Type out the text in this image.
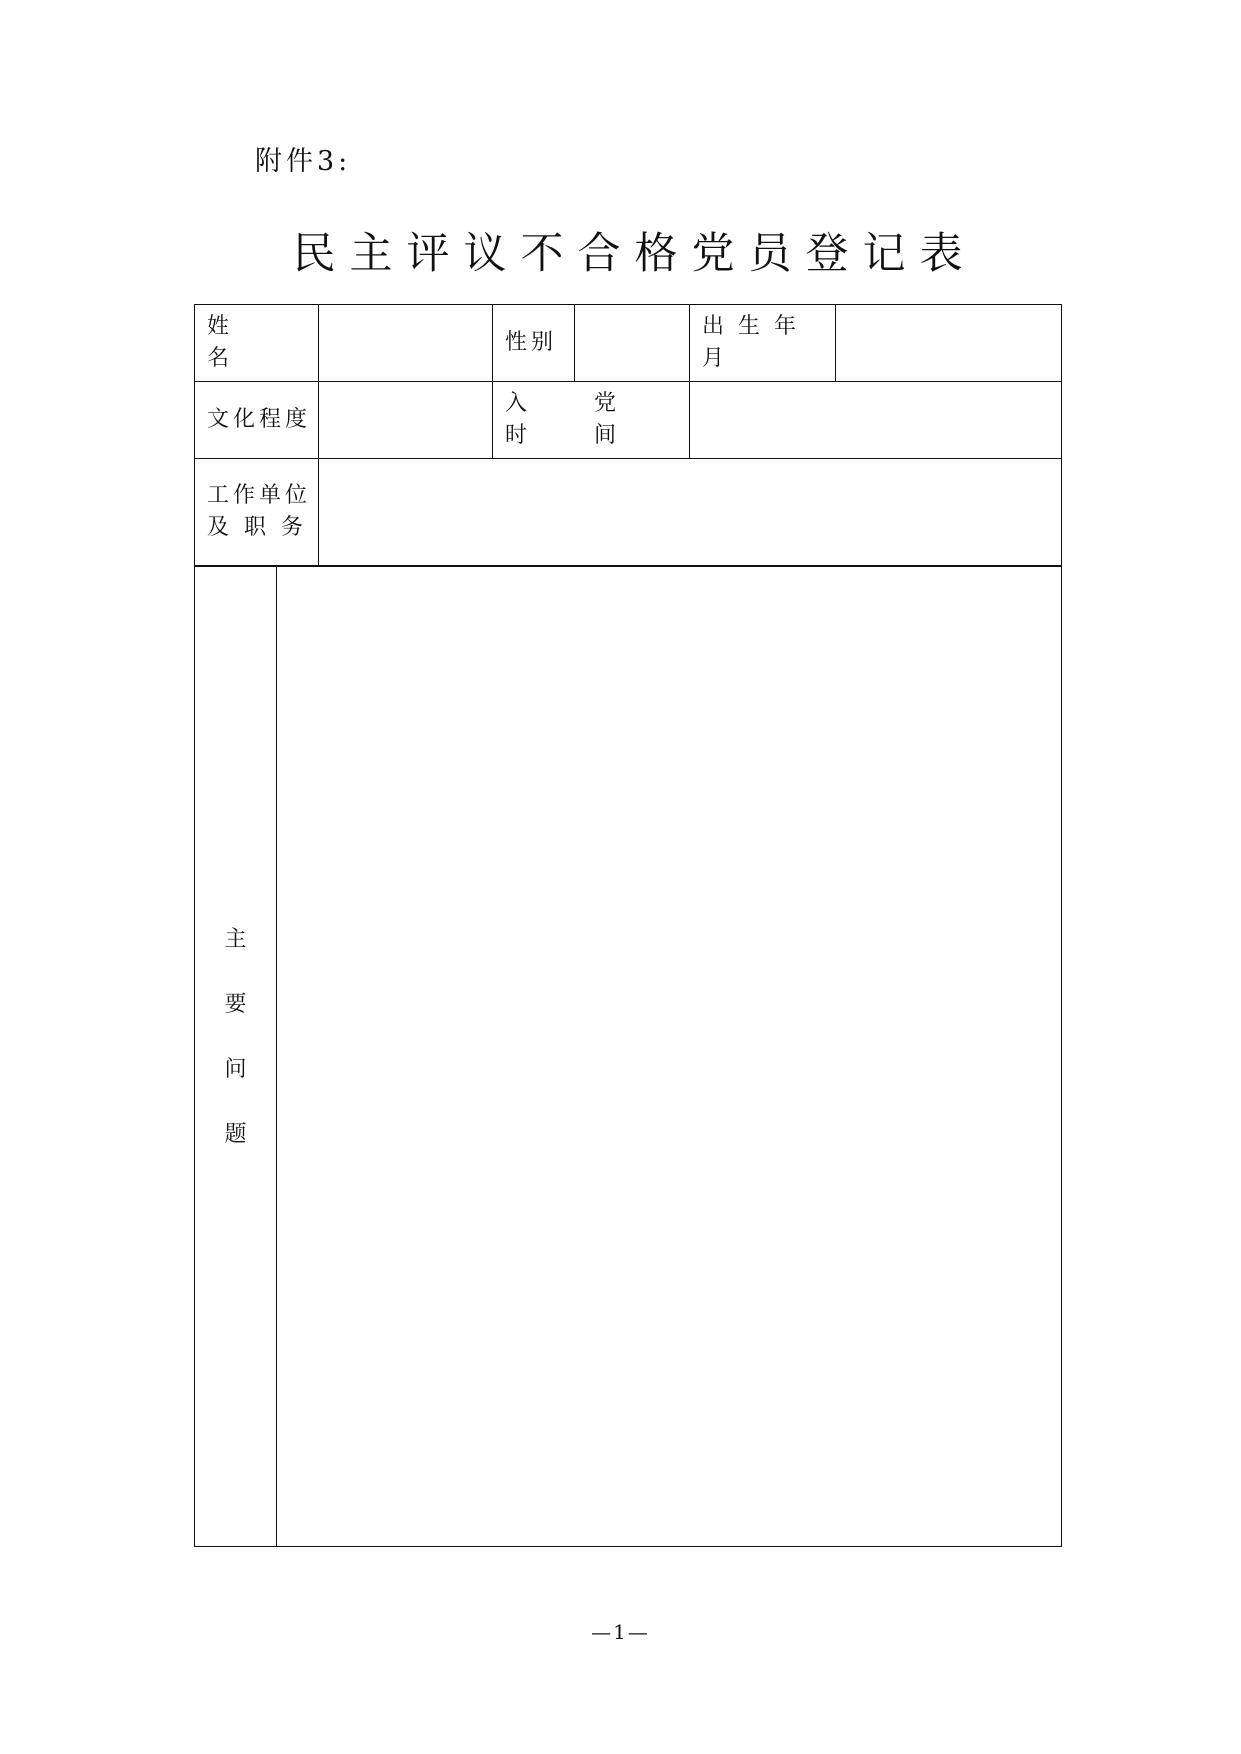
附件3:
民主评议不合格党员登记表
姓 名
性别
出生年月
文化程度
入 党 时 间
工作单位
及 职 务
主
要
问
题
—1—
